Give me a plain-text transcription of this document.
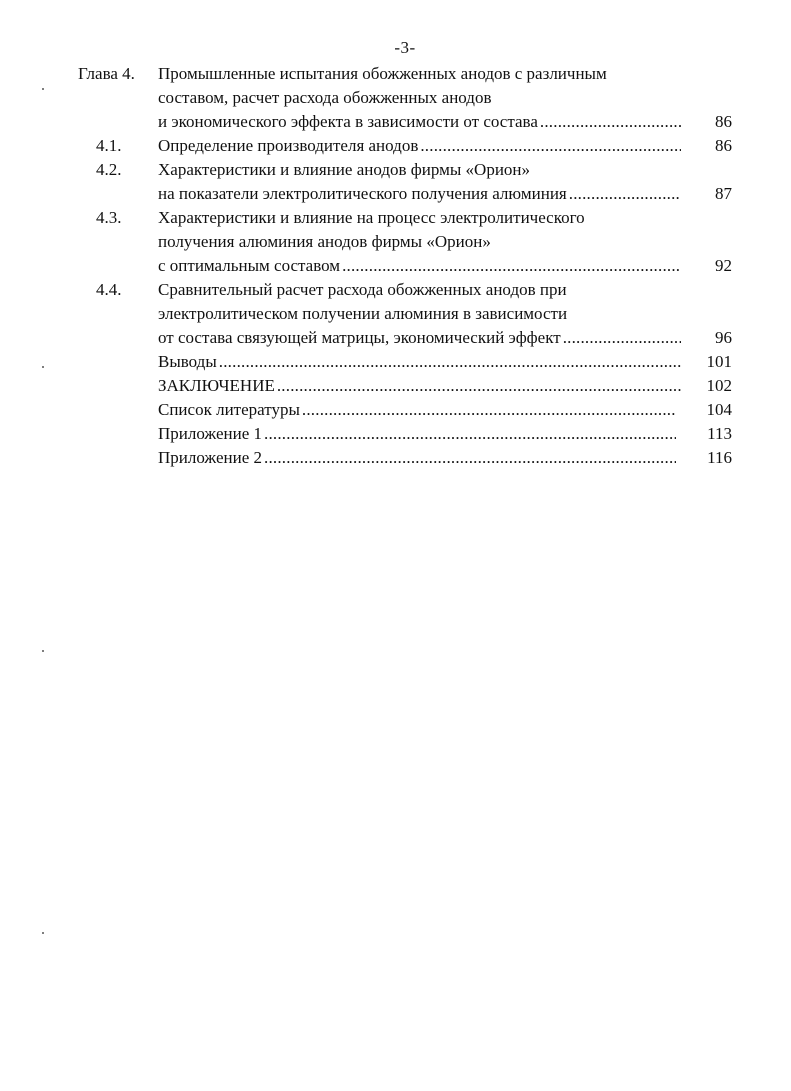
-3-
Глава 4. Промышленные испытания обожженных анодов с различным
составом, расчет расхода обожженных анодов
и экономического эффекта в зависимости от состава .....	86
4.1. Определение производителя анодов .....	86
4.2. Характеристики и влияние анодов фирмы «Орион»
на показатели электролитического получения алюминия .....	87
4.3. Характеристики и влияние на процесс электролитического
получения алюминия анодов фирмы «Орион»
с оптимальным составом .....	92
4.4. Сравнительный расчет расхода обожженных анодов при
электролитическом получении алюминия в зависимости
от состава связующей матрицы, экономический эффект .....	96
Выводы .....	101
ЗАКЛЮЧЕНИЕ .....	102
Список литературы .....	104
Приложение 1 .....	113
Приложение 2 .....	116
